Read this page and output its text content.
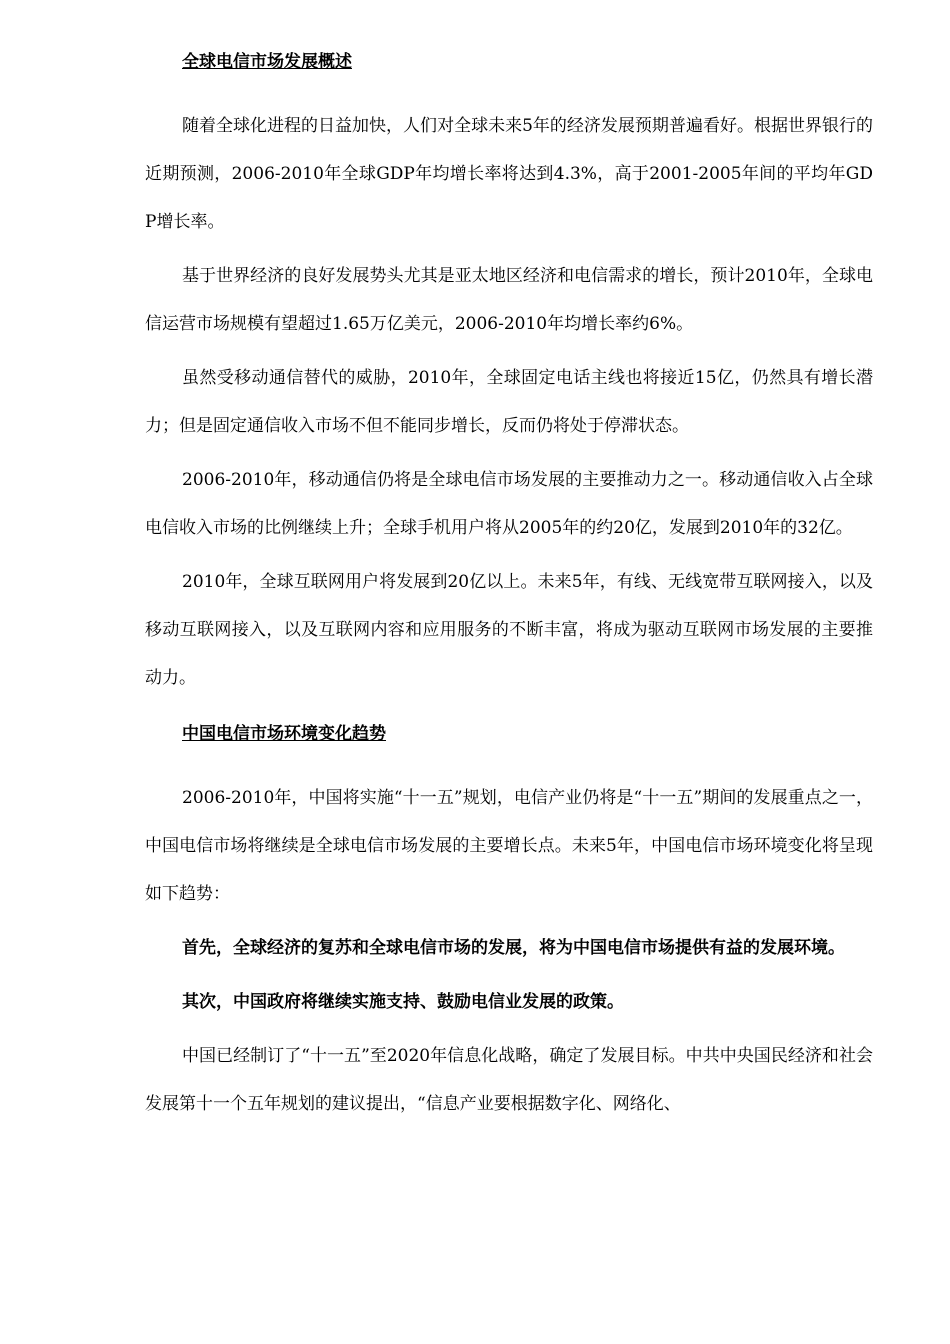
全球电信市场发展概述

随着全球化进程的日益加快，人们对全球未来5年的经济发展预期普遍看好。根据世界银行的近期预测，2006-2010年全球GDP年均增长率将达到4.3%，高于2001-2005年间的平均年GDP增长率。

基于世界经济的良好发展势头尤其是亚太地区经济和电信需求的增长，预计2010年，全球电信运营市场规模有望超过1.65万亿美元，2006-2010年均增长率约6%。

虽然受移动通信替代的威胁，2010年，全球固定电话主线也将接近15亿，仍然具有增长潜力；但是固定通信收入市场不但不能同步增长，反而仍将处于停滞状态。

2006-2010年，移动通信仍将是全球电信市场发展的主要推动力之一。移动通信收入占全球电信收入市场的比例继续上升；全球手机用户将从2005年的约20亿，发展到2010年的32亿。

2010年，全球互联网用户将发展到20亿以上。未来5年，有线、无线宽带互联网接入，以及移动互联网接入，以及互联网内容和应用服务的不断丰富，将成为驱动互联网市场发展的主要推动力。

中国电信市场环境变化趋势

2006-2010年，中国将实施“十一五”规划，电信产业仍将是“十一五”期间的发展重点之一，中国电信市场将继续是全球电信市场发展的主要增长点。未来5年，中国电信市场环境变化将呈现如下趋势：

首先，全球经济的复苏和全球电信市场的发展，将为中国电信市场提供有益的发展环境。

其次，中国政府将继续实施支持、鼓励电信业发展的政策。

中国已经制订了“十一五”至2020年信息化战略，确定了发展目标。中共中央国民经济和社会发展第十一个五年规划的建议提出，“信息产业要根据数字化、网络化、
